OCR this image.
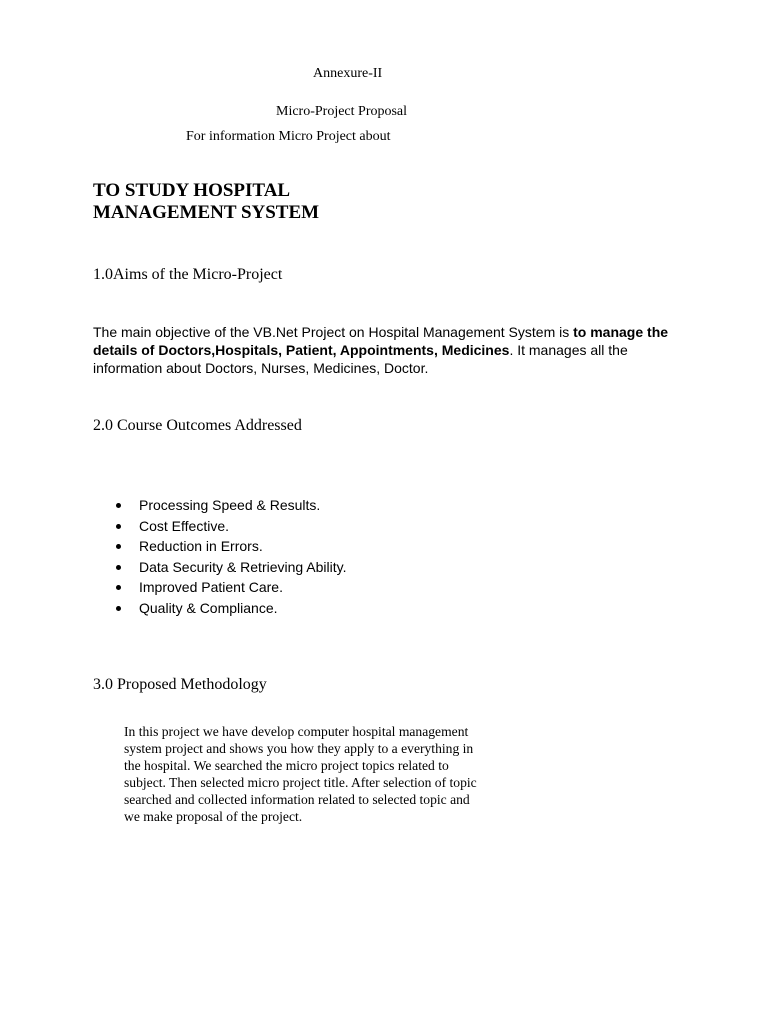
Annexure-II

Micro-Project Proposal

For information Micro Project about

TO STUDY HOSPITAL
MANAGEMENT SYSTEM
1.0Aims of the Micro-Project

The main objective of the VB.Net Project on Hospital Management System is to manage the details of Doctors,Hospitals, Patient, Appointments, Medicines. It manages all the information about Doctors, Nurses, Medicines, Doctor.

2.0 Course Outcomes Addressed
Processing Speed & Results.
Cost Effective.
Reduction in Errors.
Data Security & Retrieving Ability.
Improved Patient Care.
Quality & Compliance.
3.0 Proposed Methodology

In this project we have develop computer hospital management
system project and shows you how they apply to a everything in
the hospital. We searched the micro project topics related to
subject. Then selected micro project title. After selection of topic
searched and collected information related to selected topic and
we make proposal of the project.
